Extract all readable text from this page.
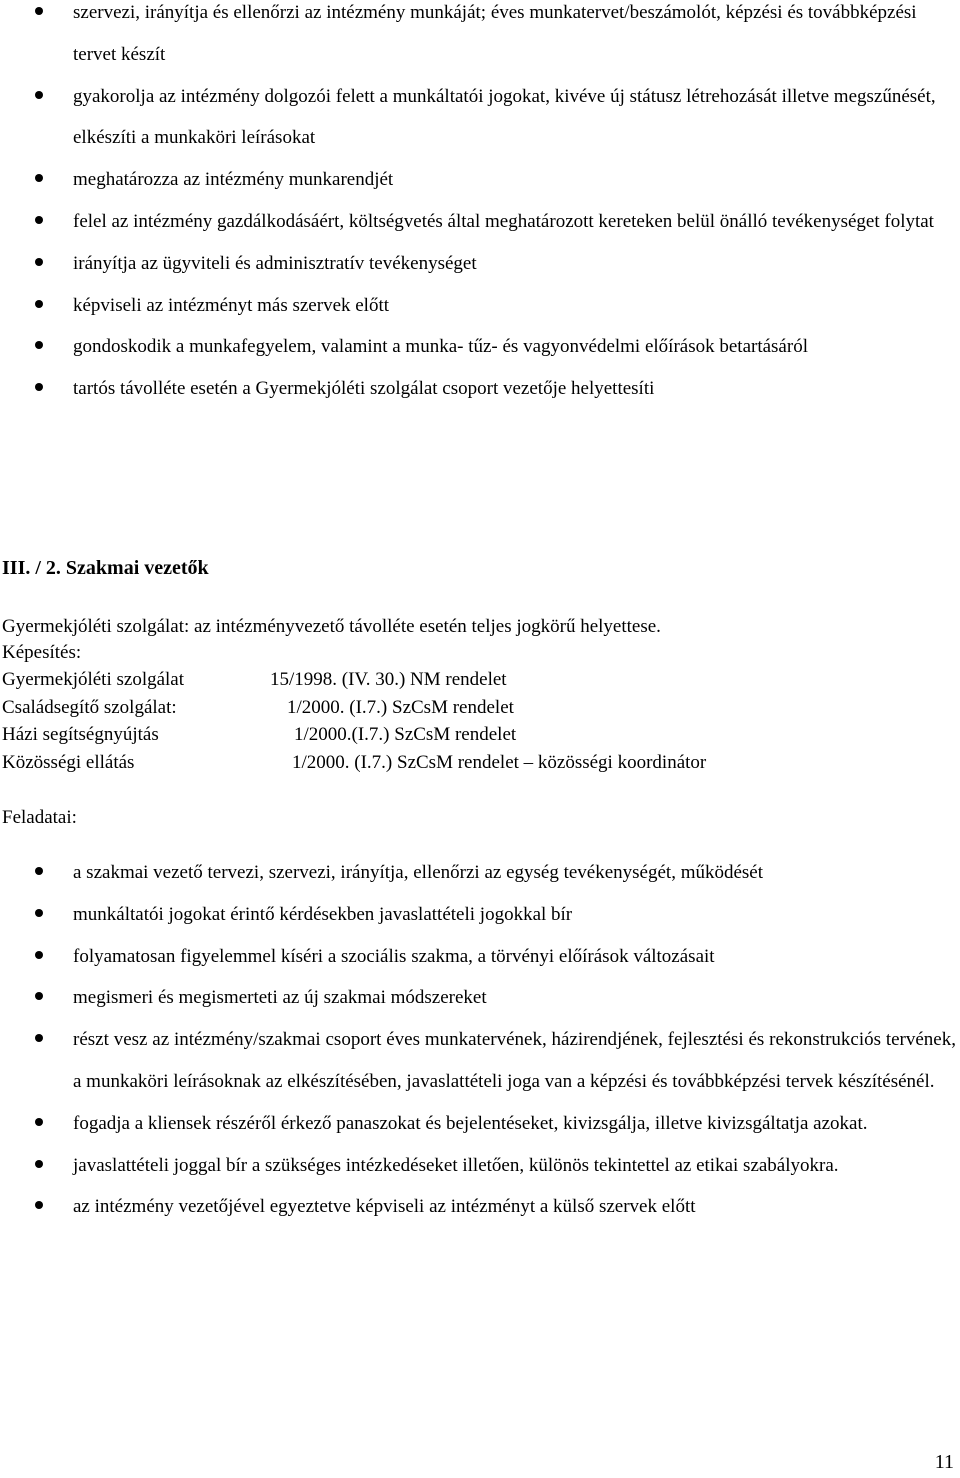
szervezi, irányítja és ellenőrzi az intézmény munkáját; éves munkatervet/beszámolót, képzési és továbbképzési tervet készít
gyakorolja az intézmény dolgozói felett a munkáltatói jogokat, kivéve új státusz létrehozását illetve megszűnését, elkészíti a munkaköri leírásokat
meghatározza az intézmény munkarendjét
felel az intézmény gazdálkodásáért, költségvetés által meghatározott kereteken belül önálló tevékenységet folytat
irányítja az ügyviteli és adminisztratív tevékenységet
képviseli az intézményt más szervek előtt
gondoskodik a munkafegyelem, valamint a munka- tűz- és vagyonvédelmi előírások betartásáról
tartós távolléte esetén a Gyermekjóléti szolgálat csoport vezetője helyettesíti
III. / 2. Szakmai vezetők
Gyermekjóléti szolgálat: az intézményvezető távolléte esetén teljes jogkörű helyettese.
Képesítés:
Gyermekjóléti szolgálat	15/1998. (IV. 30.) NM rendelet
Családsegítő szolgálat:	1/2000. (I.7.) SzCsM rendelet
Házi segítségnyújtás	1/2000.(I.7.) SzCsM rendelet
Közösségi ellátás	1/2000. (I.7.) SzCsM rendelet – közösségi koordinátor
Feladatai:
a szakmai vezető tervezi, szervezi, irányítja, ellenőrzi az egység tevékenységét, működését
munkáltatói jogokat érintő kérdésekben javaslattételi jogokkal bír
folyamatosan figyelemmel kíséri a szociális szakma, a törvényi előírások változásait
megismeri és megismerteti az új szakmai módszereket
részt vesz az intézmény/szakmai csoport éves munkatervének, házirendjének, fejlesztési és rekonstrukciós tervének, a munkaköri leírásoknak az elkészítésében, javaslattételi joga van a képzési és továbbképzési tervek készítésénél.
fogadja a kliensek részéről érkező panaszokat és bejelentéseket, kivizsgálja, illetve kivizsgáltatja azokat.
javaslattételi joggal bír a szükséges intézkedéseket illetően, különös tekintettel az etikai szabályokra.
az intézmény vezetőjével egyeztetve képviseli az intézményt a külső szervek előtt
11
